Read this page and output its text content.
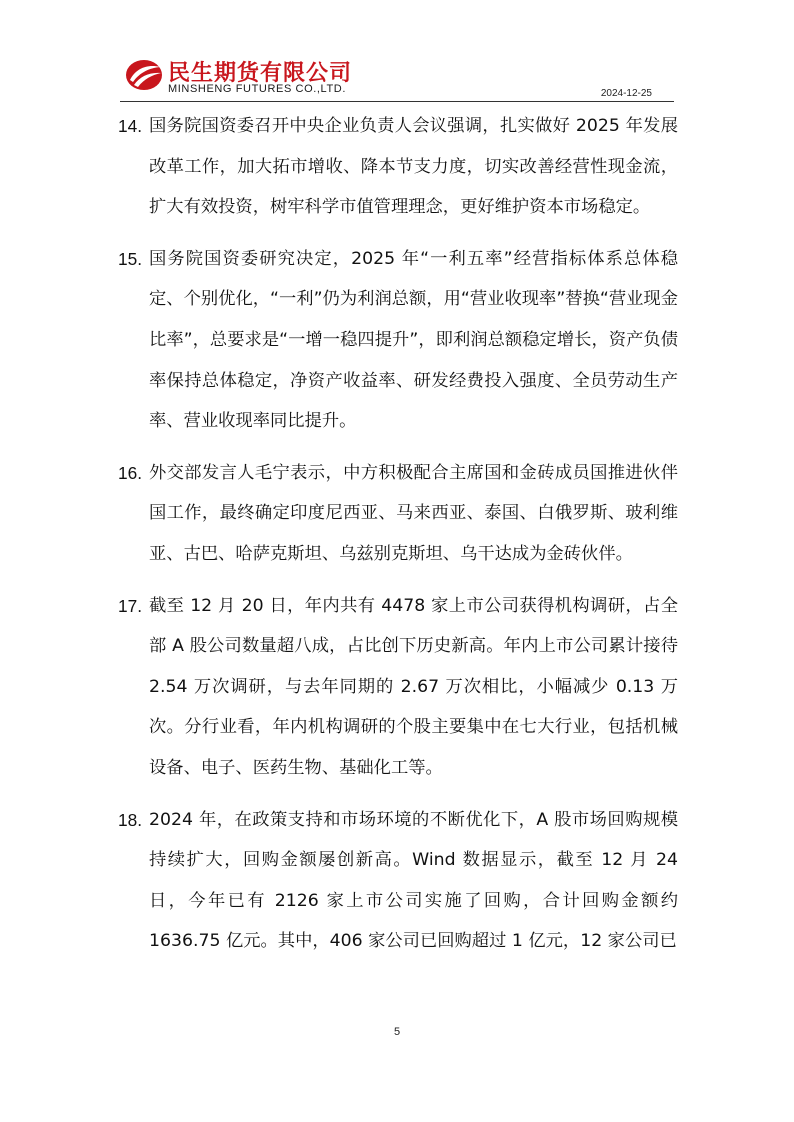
民生期货有限公司
MINSHENG FUTURES CO.,LTD.	2024-12-25
14. 国务院国资委召开中央企业负责人会议强调，扎实做好 2025 年发展改革工作，加大拓市增收、降本节支力度，切实改善经营性现金流，扩大有效投资，树牢科学市值管理理念，更好维护资本市场稳定。
15. 国务院国资委研究决定，2025 年“一利五率”经营指标体系总体稳定、个别优化，“一利”仍为利润总额，用“营业收现率”替换“营业现金比率”，总要求是“一增一稳四提升”，即利润总额稳定增长，资产负债率保持总体稳定，净资产收益率、研发经费投入强度、全员劳动生产率、营业收现率同比提升。
16. 外交部发言人毛宁表示，中方积极配合主席国和金砖成员国推进伙伴国工作，最终确定印度尼西亚、马来西亚、泰国、白俄罗斯、玻利维亚、古巴、哈萨克斯坦、乌兹别克斯坦、乌干达成为金砖伙伴。
17. 截至 12 月 20 日，年内共有 4478 家上市公司获得机构调研，占全部 A 股公司数量超八成，占比创下历史新高。年内上市公司累计接待 2.54 万次调研，与去年同期的 2.67 万次相比，小幅减少 0.13 万次。分行业看，年内机构调研的个股主要集中在七大行业，包括机械设备、电子、医药生物、基础化工等。
18. 2024 年，在政策支持和市场环境的不断优化下，A 股市场回购规模持续扩大，回购金额屡创新高。Wind 数据显示，截至 12 月 24 日，今年已有 2126 家上市公司实施了回购，合计回购金额约 1636.75 亿元。其中，406 家公司已回购超过 1 亿元，12 家公司已
5
